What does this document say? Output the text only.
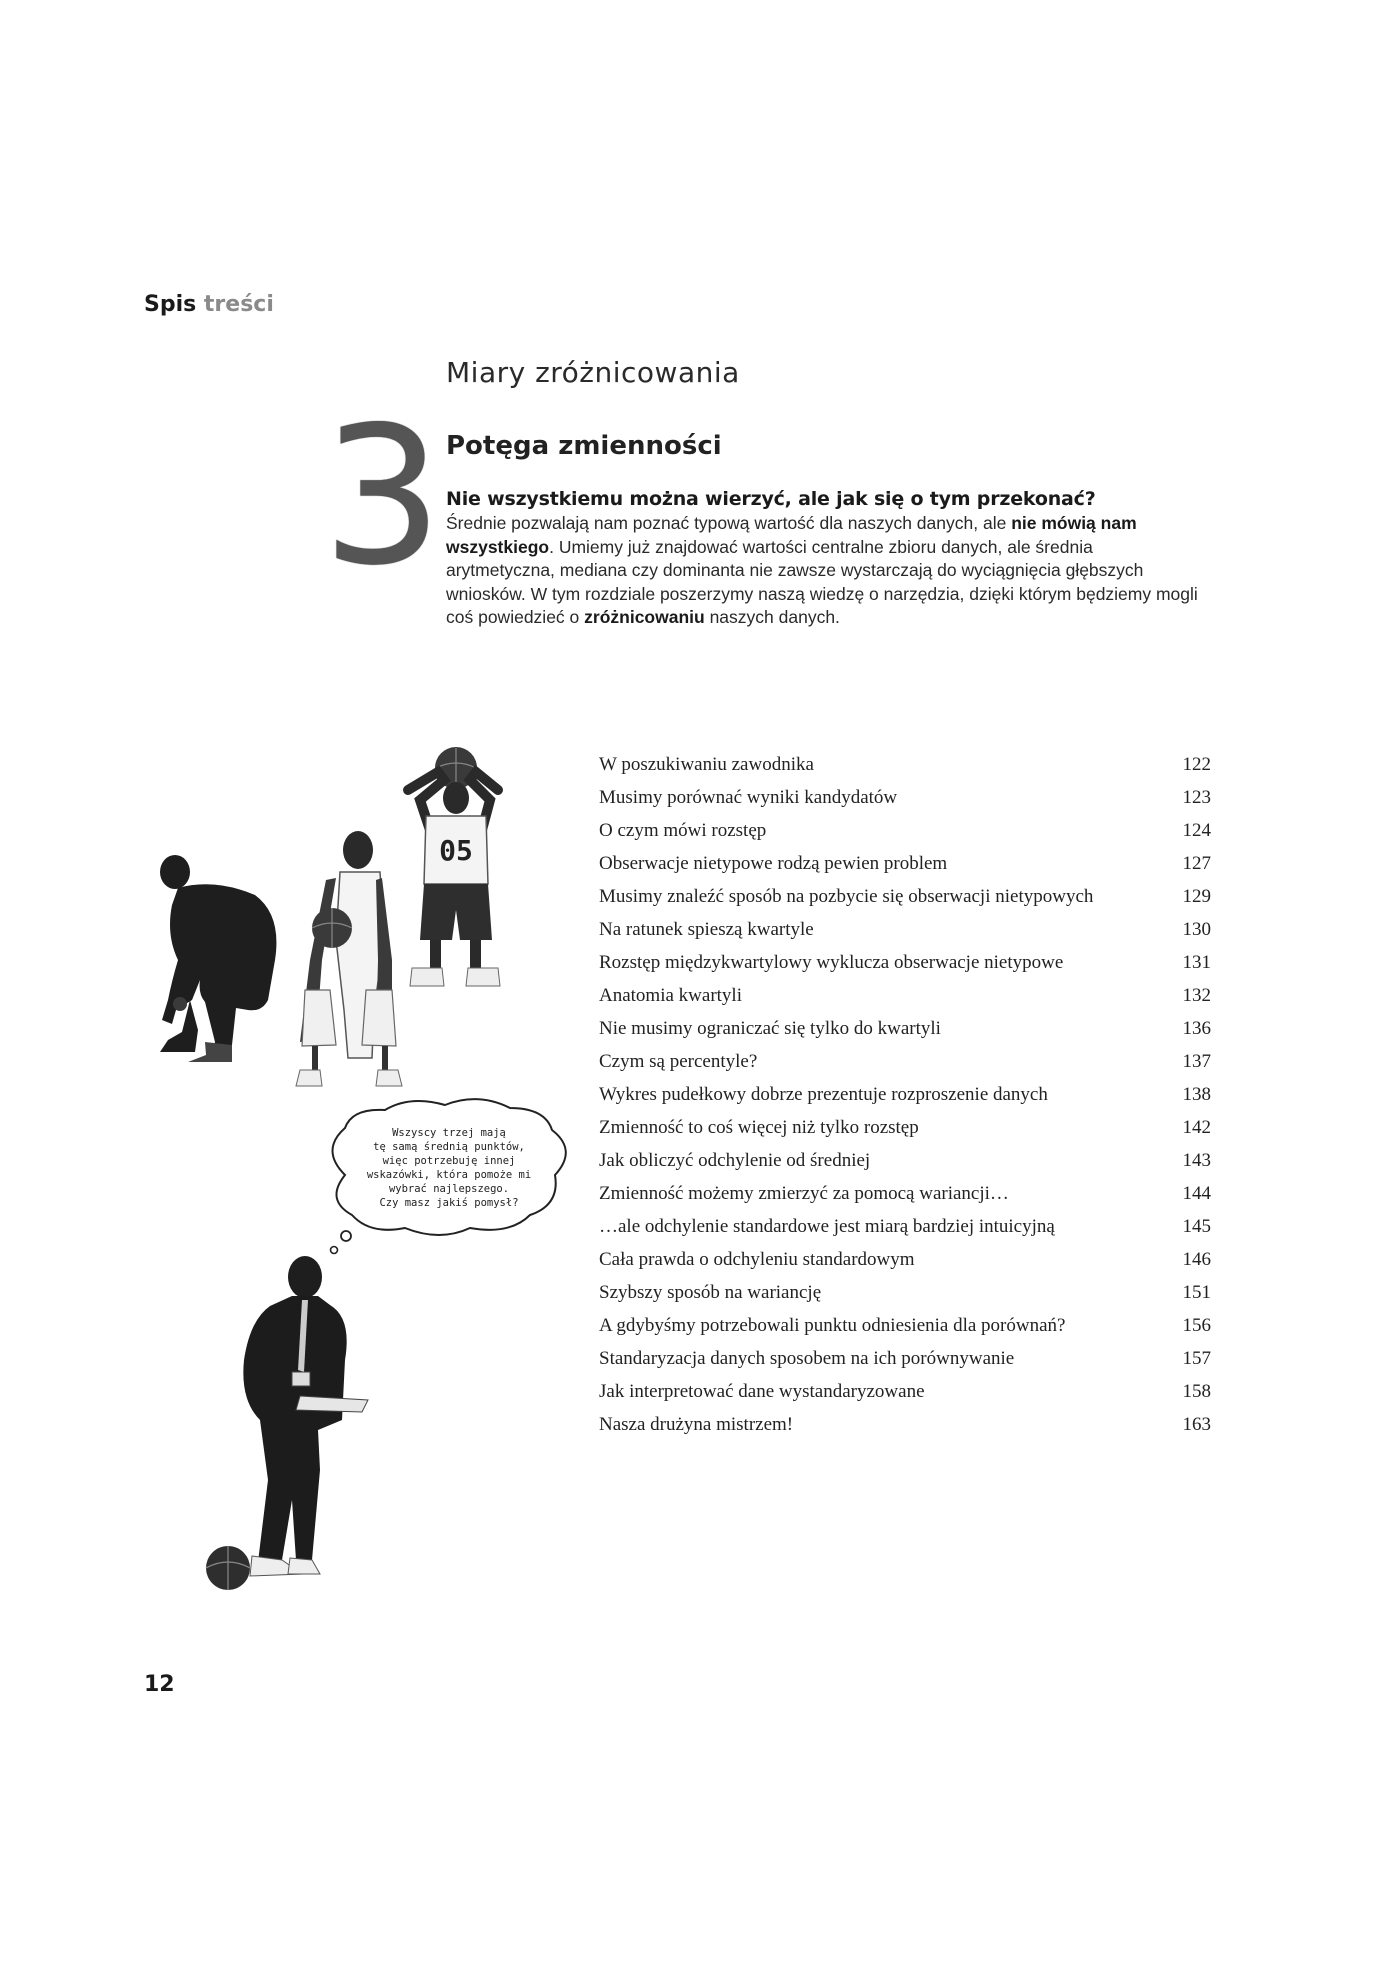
Spis treści
Miary zróżnicowania
3 Potęga zmienności
Nie wszystkiemu można wierzyć, ale jak się o tym przekonać?
Średnie pozwalają nam poznać typową wartość dla naszych danych, ale nie mówią nam wszystkiego. Umiemy już znajdować wartości centralne zbioru danych, ale średnia arytmetyczna, mediana czy dominanta nie zawsze wystarczają do wyciągnięcia głębszych wniosków. W tym rozdziale poszerzymy naszą wiedzę o narzędzia, dzięki którym będziemy mogli coś powiedzieć o zróżnicowaniu naszych danych.
W poszukiwaniu zawodnika	122
Musimy porównać wyniki kandydatów	123
O czym mówi rozstęp	124
Obserwacje nietypowe rodzą pewien problem	127
Musimy znaleźć sposób na pozbycie się obserwacji nietypowych	129
Na ratunek spieszą kwartyle	130
Rozstęp międzykwartylowy wyklucza obserwacje nietypowe	131
Anatomia kwartyli	132
Nie musimy ograniczać się tylko do kwartyli	136
Czym są percentyle?	137
Wykres pudełkowy dobrze prezentuje rozproszenie danych	138
Zmienność to coś więcej niż tylko rozstęp	142
Jak obliczyć odchylenie od średniej	143
Zmienność możemy zmierzyć za pomocą wariancji…	144
…ale odchylenie standardowe jest miarą bardziej intuicyjną	145
Cała prawda o odchyleniu standardowym	146
Szybszy sposób na wariancję	151
A gdybyśmy potrzebowali punktu odniesienia dla porównań?	156
Standaryzacja danych sposobem na ich porównywanie	157
Jak interpretować dane wystandaryzowane	158
Nasza drużyna mistrzem!	163
05
Wszyscy trzej mają
tę samą średnią punktów,
więc potrzebuję innej
wskazówki, która pomoże mi
wybrać najlepszego.
Czy masz jakiś pomysł?
12
